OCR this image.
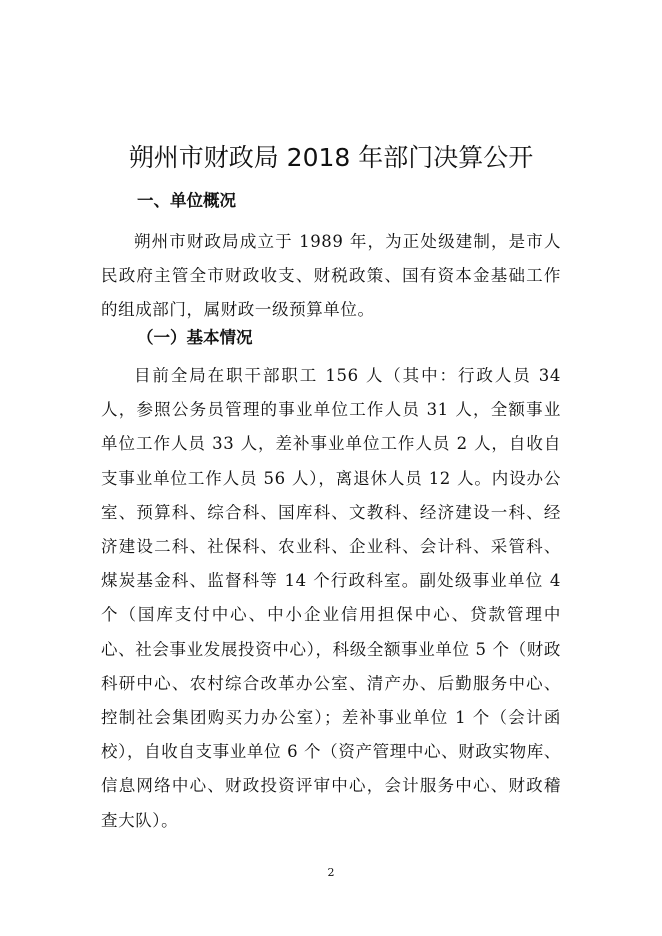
朔州市财政局 2018 年部门决算公开
一、单位概况

朔州市财政局成立于 1989 年，为正处级建制，是市人民政府主管全市财政收支、财税政策、国有资本金基础工作的组成部门，属财政一级预算单位。

（一）基本情况

目前全局在职干部职工 156 人（其中：行政人员 34 人，参照公务员管理的事业单位工作人员 31 人，全额事业单位工作人员 33 人，差补事业单位工作人员 2 人，自收自支事业单位工作人员 56 人），离退休人员 12 人。内设办公室、预算科、综合科、国库科、文教科、经济建设一科、经济建设二科、社保科、农业科、企业科、会计科、采管科、煤炭基金科、监督科等 14 个行政科室。副处级事业单位 4 个（国库支付中心、中小企业信用担保中心、贷款管理中心、社会事业发展投资中心），科级全额事业单位 5 个（财政科研中心、农村综合改革办公室、清产办、后勤服务中心、控制社会集团购买力办公室）；差补事业单位 1 个（会计函校），自收自支事业单位 6 个（资产管理中心、财政实物库、信息网络中心、财政投资评审中心，会计服务中心、财政稽查大队）。

2
